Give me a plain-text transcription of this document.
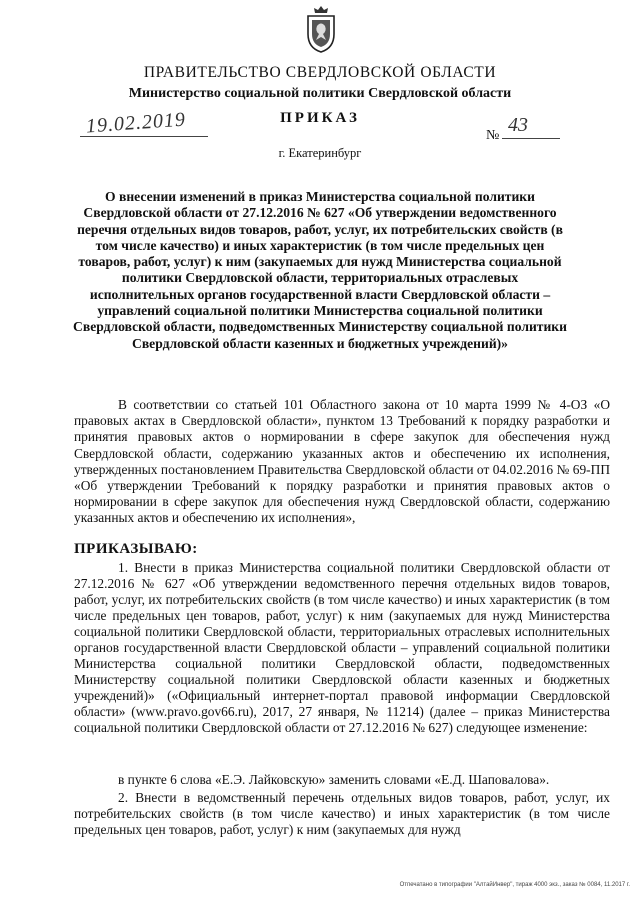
ПРАВИТЕЛЬСТВО СВЕРДЛОВСКОЙ ОБЛАСТИ
Министерство социальной политики Свердловской области
19.02.2019	ПРИКАЗ
№ 43
г. Екатеринбург
О внесении изменений в приказ Министерства социальной политики Свердловской области от 27.12.2016 № 627 «Об утверждении ведомственного перечня отдельных видов товаров, работ, услуг, их потребительских свойств (в том числе качество) и иных характеристик (в том числе предельных цен товаров, работ, услуг) к ним (закупаемых для нужд Министерства социальной политики Свердловской области, территориальных отраслевых исполнительных органов государственной власти Свердловской области – управлений социальной политики Министерства социальной политики Свердловской области, подведомственных Министерству социальной политики Свердловской области казенных и бюджетных учреждений)»
В соответствии со статьей 101 Областного закона от 10 марта 1999 № 4-ОЗ «О правовых актах в Свердловской области», пунктом 13 Требований к порядку разработки и принятия правовых актов о нормировании в сфере закупок для обеспечения нужд Свердловской области, содержанию указанных актов и обеспечению их исполнения, утвержденных постановлением Правительства Свердловской области от 04.02.2016 № 69-ПП «Об утверждении Требований к порядку разработки и принятия правовых актов о нормировании в сфере закупок для обеспечения нужд Свердловской области, содержанию указанных актов и обеспечению их исполнения»,
ПРИКАЗЫВАЮ:
1. Внести в приказ Министерства социальной политики Свердловской области от 27.12.2016 № 627 «Об утверждении ведомственного перечня отдельных видов товаров, работ, услуг, их потребительских свойств (в том числе качество) и иных характеристик (в том числе предельных цен товаров, работ, услуг) к ним (закупаемых для нужд Министерства социальной политики Свердловской области, территориальных отраслевых исполнительных органов государственной власти Свердловской области – управлений социальной политики Министерства социальной политики Свердловской области, подведомственных Министерству социальной политики Свердловской области казенных и бюджетных учреждений)» («Официальный интернет-портал правовой информации Свердловской области» (www.pravo.gov66.ru), 2017, 27 января, № 11214) (далее – приказ Министерства социальной политики Свердловской области от 27.12.2016 № 627) следующее изменение:
в пункте 6 слова «Е.Э. Лайковскую» заменить словами «Е.Д. Шаповалова».
2. Внести в ведомственный перечень отдельных видов товаров, работ, услуг, их потребительских свойств (в том числе качество) и иных характеристик (в том числе предельных цен товаров, работ, услуг) к ним (закупаемых для нужд
Отпечатано в типографии "АлтайИнвер", тираж 4000 экз., заказ № 0084, 11.2017 г.
